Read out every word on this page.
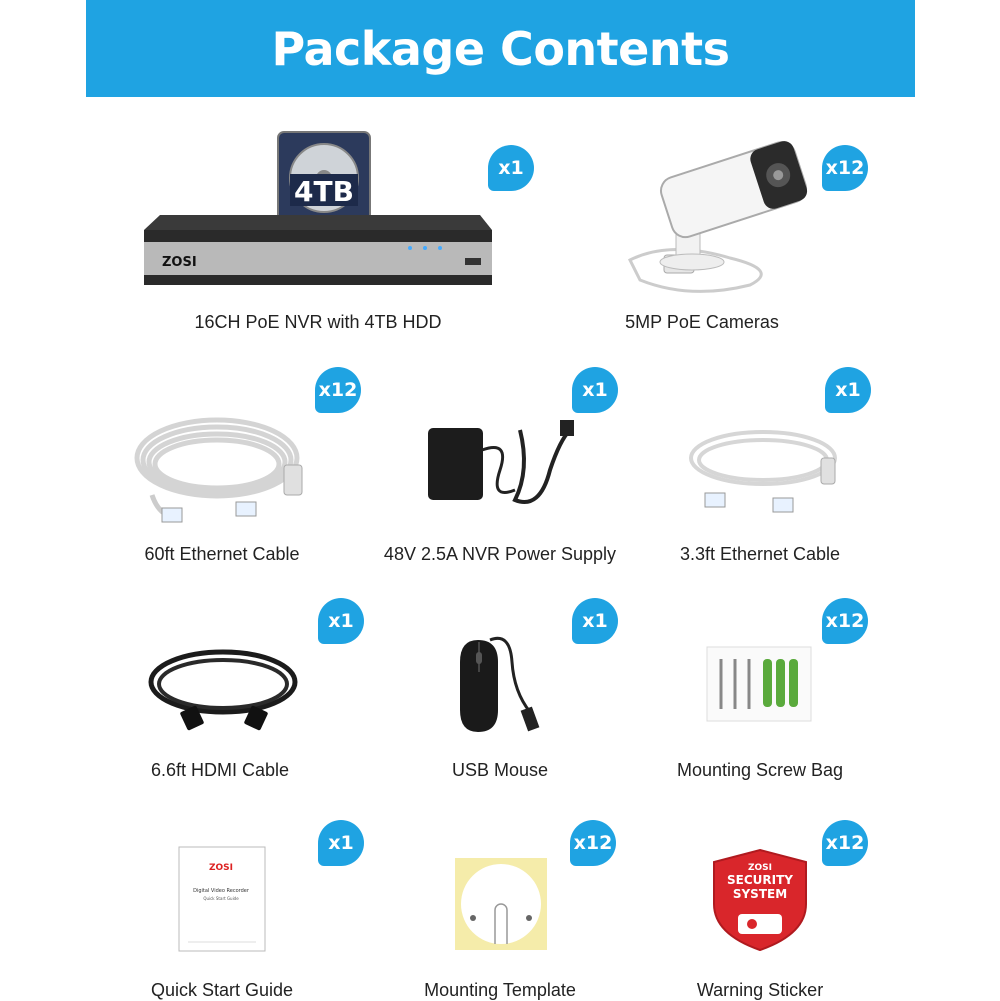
Package Contents
4TB
ZOSI
x1
16CH PoE NVR with 4TB HDD
x12
5MP PoE Cameras
x12
60ft Ethernet Cable
x1
48V 2.5A NVR Power Supply
x1
3.3ft Ethernet Cable
x1
6.6ft HDMI Cable
x1
USB Mouse
x12
Mounting Screw Bag
ZOSI
Digital Video Recorder
Quick Start Guide
x1
Quick Start Guide
x12
Mounting Template
ZOSI
SECURITY
SYSTEM
x12
Warning Sticker
